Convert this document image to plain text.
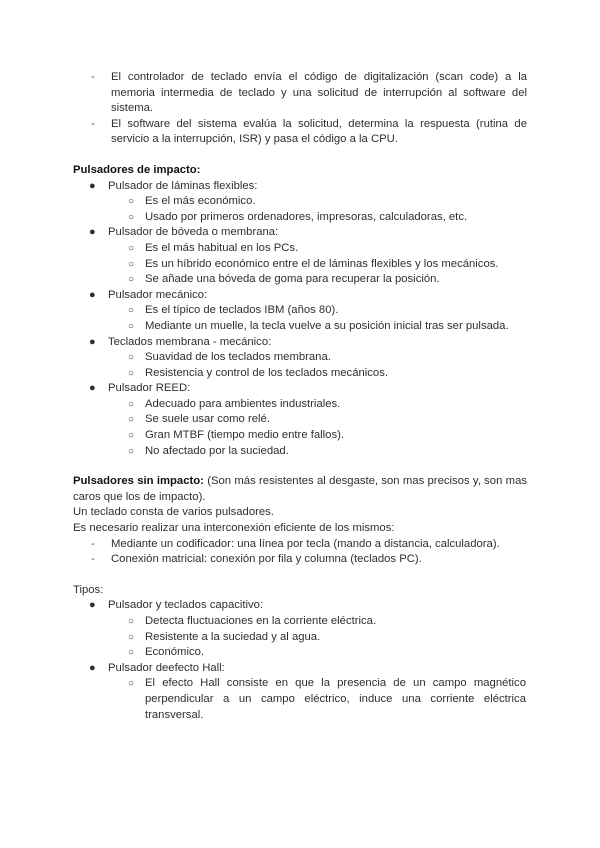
- El controlador de teclado envía el código de digitalización (scan code) a la memoria intermedia de teclado y una solicitud de interrupción al software del sistema.
- El software del sistema evalúa la solicitud, determina la respuesta (rutina de servicio a la interrupción, ISR) y pasa el código a la CPU.
Pulsadores de impacto:
● Pulsador de láminas flexibles:
○ Es el más económico.
○ Usado por primeros ordenadores, impresoras, calculadoras, etc.
● Pulsador de bóveda o membrana:
○ Es el más habitual en los PCs.
○ Es un híbrido económico entre el de láminas flexibles y los mecánicos.
○ Se añade una bóveda de goma para recuperar la posición.
● Pulsador mecánico:
○ Es el típico de teclados IBM (años 80).
○ Mediante un muelle, la tecla vuelve a su posición inicial tras ser pulsada.
● Teclados membrana - mecánico:
○ Suavidad de los teclados membrana.
○ Resistencia y control de los teclados mecánicos.
● Pulsador REED:
○ Adecuado para ambientes industriales.
○ Se suele usar como relé.
○ Gran MTBF (tiempo medio entre fallos).
○ No afectado por la suciedad.
Pulsadores sin impacto: (Son más resistentes al desgaste, son mas precisos y, son mas caros que los de impacto).
Un teclado consta de varios pulsadores.
Es necesario realizar una interconexión eficiente de los mismos:
- Mediante un codificador: una línea por tecla (mando a distancia, calculadora).
- Conexión matricial: conexión por fila y columna (teclados PC).
Tipos:
● Pulsador y teclados capacitivo:
○ Detecta fluctuaciones en la corriente eléctrica.
○ Resistente a la suciedad y al agua.
○ Económico.
● Pulsador deefecto Hall:
○ El efecto Hall consiste en que la presencia de un campo magnético perpendicular a un campo eléctrico, induce una corriente eléctrica transversal.
